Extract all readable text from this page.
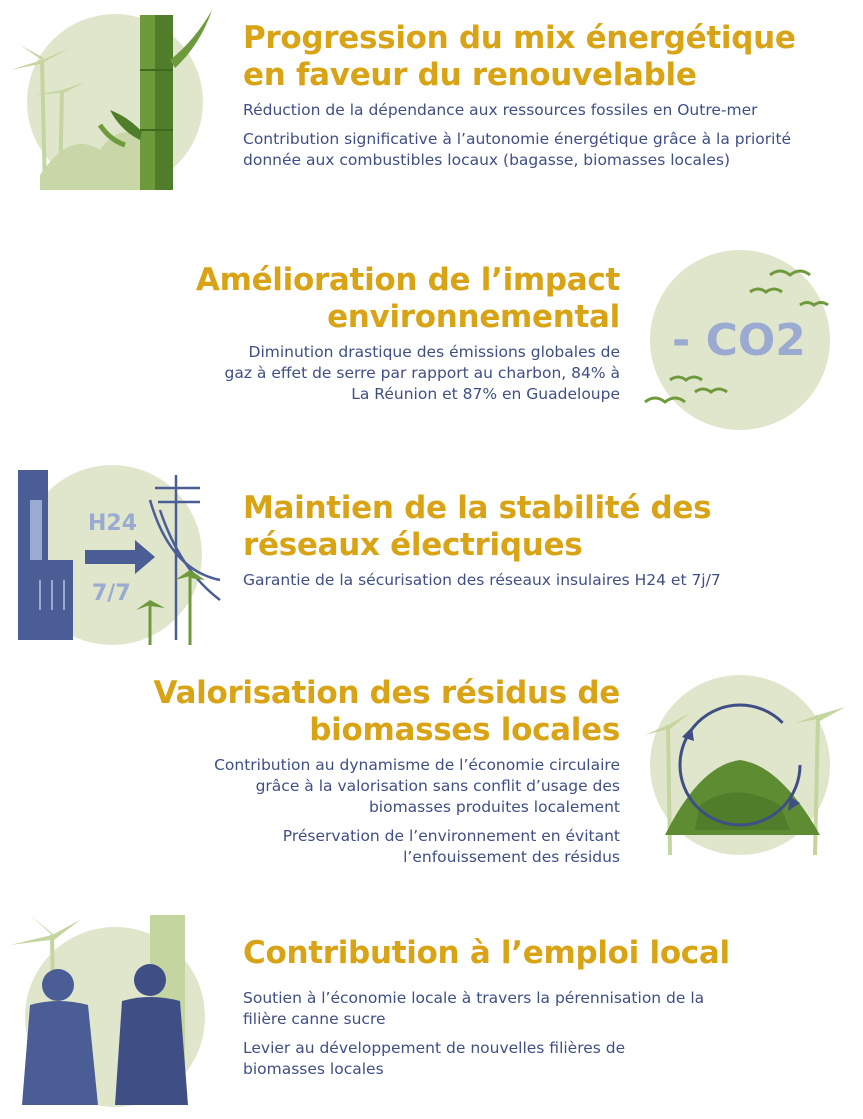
Progression du mix énergétique
en faveur du renouvelable

Réduction de la dépendance aux ressources fossiles en Outre-mer

Contribution significative à l’autonomie énergétique grâce à la priorité

donnée aux combustibles locaux (bagasse, biomasses locales)

Amélioration de l’impact
environnemental

Diminution drastique des émissions globales de

gaz à effet de serre par rapport au charbon, 84% à

La Réunion et 87% en Guadeloupe

- CO2
H24
7/7
Maintien de la stabilité des
réseaux électriques

Garantie de la sécurisation des réseaux insulaires H24 et 7j/7

Valorisation des résidus de
biomasses locales

Contribution au dynamisme de l’économie circulaire

grâce à la valorisation sans conflit d’usage des

biomasses produites localement

Préservation de l’environnement en évitant

l’enfouissement des résidus

Contribution à l’emploi local

Soutien à l’économie locale à travers la pérennisation de la

filière canne sucre

Levier au développement de nouvelles filières de

biomasses locales
